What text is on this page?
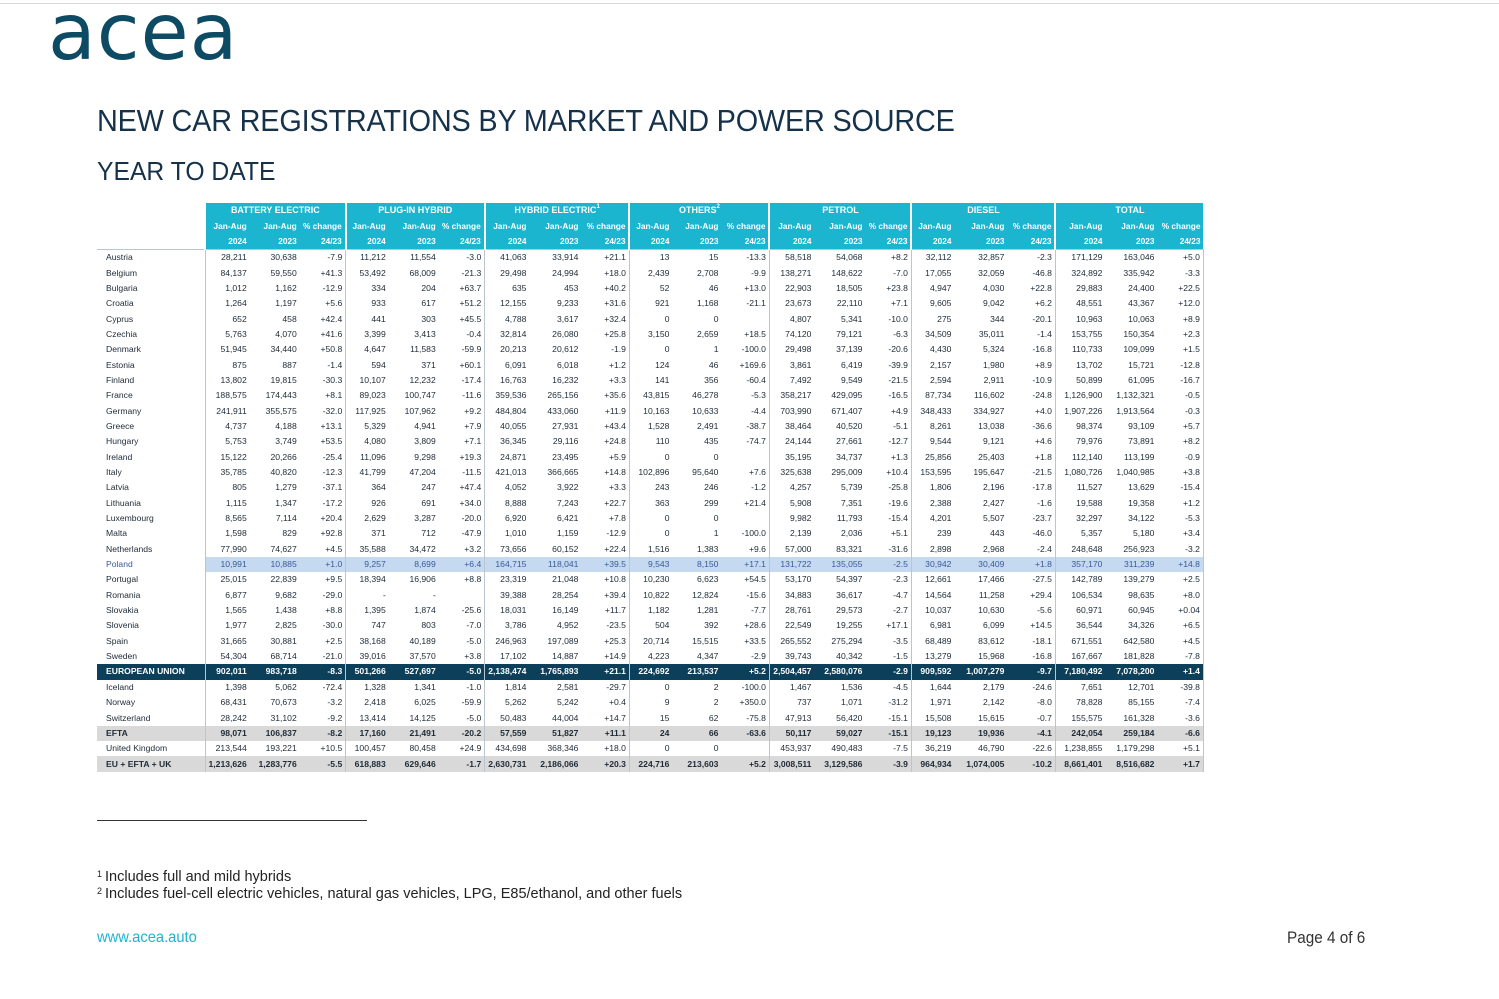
acea
NEW CAR REGISTRATIONS BY MARKET AND POWER SOURCE
YEAR TO DATE
	BATTERY ELECTRIC			PLUG-IN HYBRID			HYBRID ELECTRIC$^1$			OTHERS$^2$			PETROL			DIESEL			TOTAL		
	Jan-Aug	Jan-Aug	% change	Jan-Aug	Jan-Aug	% change	Jan-Aug	Jan-Aug	% change	Jan-Aug	Jan-Aug	% change	Jan-Aug	Jan-Aug	% change	Jan-Aug	Jan-Aug	% change	Jan-Aug	Jan-Aug	% change
	2024	2023	24/23	2024	2023	24/23	2024	2023	24/23	2024	2023	24/23	2024	2023	24/23	2024	2023	24/23	2024	2023	24/23
Austria	28,211	30,638	-7.9	11,212	11,554	-3.0	41,063	33,914	+21.1	13	15	-13.3	58,518	54,068	+8.2	32,112	32,857	-2.3	171,129	163,046	+5.0
Belgium	84,137	59,550	+41.3	53,492	68,009	-21.3	29,498	24,994	+18.0	2,439	2,708	-9.9	138,271	148,622	-7.0	17,055	32,059	-46.8	324,892	335,942	-3.3
Bulgaria	1,012	1,162	-12.9	334	204	+63.7	635	453	+40.2	52	46	+13.0	22,903	18,505	+23.8	4,947	4,030	+22.8	29,883	24,400	+22.5
Croatia	1,264	1,197	+5.6	933	617	+51.2	12,155	9,233	+31.6	921	1,168	-21.1	23,673	22,110	+7.1	9,605	9,042	+6.2	48,551	43,367	+12.0
Cyprus	652	458	+42.4	441	303	+45.5	4,788	3,617	+32.4	0	0		4,807	5,341	-10.0	275	344	-20.1	10,963	10,063	+8.9
Czechia	5,763	4,070	+41.6	3,399	3,413	-0.4	32,814	26,080	+25.8	3,150	2,659	+18.5	74,120	79,121	-6.3	34,509	35,011	-1.4	153,755	150,354	+2.3
Denmark	51,945	34,440	+50.8	4,647	11,583	-59.9	20,213	20,612	-1.9	0	1	-100.0	29,498	37,139	-20.6	4,430	5,324	-16.8	110,733	109,099	+1.5
Estonia	875	887	-1.4	594	371	+60.1	6,091	6,018	+1.2	124	46	+169.6	3,861	6,419	-39.9	2,157	1,980	+8.9	13,702	15,721	-12.8
Finland	13,802	19,815	-30.3	10,107	12,232	-17.4	16,763	16,232	+3.3	141	356	-60.4	7,492	9,549	-21.5	2,594	2,911	-10.9	50,899	61,095	-16.7
France	188,575	174,443	+8.1	89,023	100,747	-11.6	359,536	265,156	+35.6	43,815	46,278	-5.3	358,217	429,095	-16.5	87,734	116,602	-24.8	1,126,900	1,132,321	-0.5
Germany	241,911	355,575	-32.0	117,925	107,962	+9.2	484,804	433,060	+11.9	10,163	10,633	-4.4	703,990	671,407	+4.9	348,433	334,927	+4.0	1,907,226	1,913,564	-0.3
Greece	4,737	4,188	+13.1	5,329	4,941	+7.9	40,055	27,931	+43.4	1,528	2,491	-38.7	38,464	40,520	-5.1	8,261	13,038	-36.6	98,374	93,109	+5.7
Hungary	5,753	3,749	+53.5	4,080	3,809	+7.1	36,345	29,116	+24.8	110	435	-74.7	24,144	27,661	-12.7	9,544	9,121	+4.6	79,976	73,891	+8.2
Ireland	15,122	20,266	-25.4	11,096	9,298	+19.3	24,871	23,495	+5.9	0	0		35,195	34,737	+1.3	25,856	25,403	+1.8	112,140	113,199	-0.9
Italy	35,785	40,820	-12.3	41,799	47,204	-11.5	421,013	366,665	+14.8	102,896	95,640	+7.6	325,638	295,009	+10.4	153,595	195,647	-21.5	1,080,726	1,040,985	+3.8
Latvia	805	1,279	-37.1	364	247	+47.4	4,052	3,922	+3.3	243	246	-1.2	4,257	5,739	-25.8	1,806	2,196	-17.8	11,527	13,629	-15.4
Lithuania	1,115	1,347	-17.2	926	691	+34.0	8,888	7,243	+22.7	363	299	+21.4	5,908	7,351	-19.6	2,388	2,427	-1.6	19,588	19,358	+1.2
Luxembourg	8,565	7,114	+20.4	2,629	3,287	-20.0	6,920	6,421	+7.8	0	0		9,982	11,793	-15.4	4,201	5,507	-23.7	32,297	34,122	-5.3
Malta	1,598	829	+92.8	371	712	-47.9	1,010	1,159	-12.9	0	1	-100.0	2,139	2,036	+5.1	239	443	-46.0	5,357	5,180	+3.4
Netherlands	77,990	74,627	+4.5	35,588	34,472	+3.2	73,656	60,152	+22.4	1,516	1,383	+9.6	57,000	83,321	-31.6	2,898	2,968	-2.4	248,648	256,923	-3.2
Poland	10,991	10,885	+1.0	9,257	8,699	+6.4	164,715	118,041	+39.5	9,543	8,150	+17.1	131,722	135,055	-2.5	30,942	30,409	+1.8	357,170	311,239	+14.8
Portugal	25,015	22,839	+9.5	18,394	16,906	+8.8	23,319	21,048	+10.8	10,230	6,623	+54.5	53,170	54,397	-2.3	12,661	17,466	-27.5	142,789	139,279	+2.5
Romania	6,877	9,682	-29.0	-	-		39,388	28,254	+39.4	10,822	12,824	-15.6	34,883	36,617	-4.7	14,564	11,258	+29.4	106,534	98,635	+8.0
Slovakia	1,565	1,438	+8.8	1,395	1,874	-25.6	18,031	16,149	+11.7	1,182	1,281	-7.7	28,761	29,573	-2.7	10,037	10,630	-5.6	60,971	60,945	+0.04
Slovenia	1,977	2,825	-30.0	747	803	-7.0	3,786	4,952	-23.5	504	392	+28.6	22,549	19,255	+17.1	6,981	6,099	+14.5	36,544	34,326	+6.5
Spain	31,665	30,881	+2.5	38,168	40,189	-5.0	246,963	197,089	+25.3	20,714	15,515	+33.5	265,552	275,294	-3.5	68,489	83,612	-18.1	671,551	642,580	+4.5
Sweden	54,304	68,714	-21.0	39,016	37,570	+3.8	17,102	14,887	+14.9	4,223	4,347	-2.9	39,743	40,342	-1.5	13,279	15,968	-16.8	167,667	181,828	-7.8
EUROPEAN UNION	902,011	983,718	-8.3	501,266	527,697	-5.0	2,138,474	1,765,893	+21.1	224,692	213,537	+5.2	2,504,457	2,580,076	-2.9	909,592	1,007,279	-9.7	7,180,492	7,078,200	+1.4
Iceland	1,398	5,062	-72.4	1,328	1,341	-1.0	1,814	2,581	-29.7	0	2	-100.0	1,467	1,536	-4.5	1,644	2,179	-24.6	7,651	12,701	-39.8
Norway	68,431	70,673	-3.2	2,418	6,025	-59.9	5,262	5,242	+0.4	9	2	+350.0	737	1,071	-31.2	1,971	2,142	-8.0	78,828	85,155	-7.4
Switzerland	28,242	31,102	-9.2	13,414	14,125	-5.0	50,483	44,004	+14.7	15	62	-75.8	47,913	56,420	-15.1	15,508	15,615	-0.7	155,575	161,328	-3.6
EFTA	98,071	106,837	-8.2	17,160	21,491	-20.2	57,559	51,827	+11.1	24	66	-63.6	50,117	59,027	-15.1	19,123	19,936	-4.1	242,054	259,184	-6.6
United Kingdom	213,544	193,221	+10.5	100,457	80,458	+24.9	434,698	368,346	+18.0	0	0		453,937	490,483	-7.5	36,219	46,790	-22.6	1,238,855	1,179,298	+5.1
EU + EFTA + UK	1,213,626	1,283,776	-5.5	618,883	629,646	-1.7	2,630,731	2,186,066	+20.3	224,716	213,603	+5.2	3,008,511	3,129,586	-3.9	964,934	1,074,005	-10.2	8,661,401	8,516,682	+1.7
$^1$ Includes full and mild hybrids
$^2$ Includes fuel-cell electric vehicles, natural gas vehicles, LPG, E85/ethanol, and other fuels
www.acea.auto	Page 4 of 6
